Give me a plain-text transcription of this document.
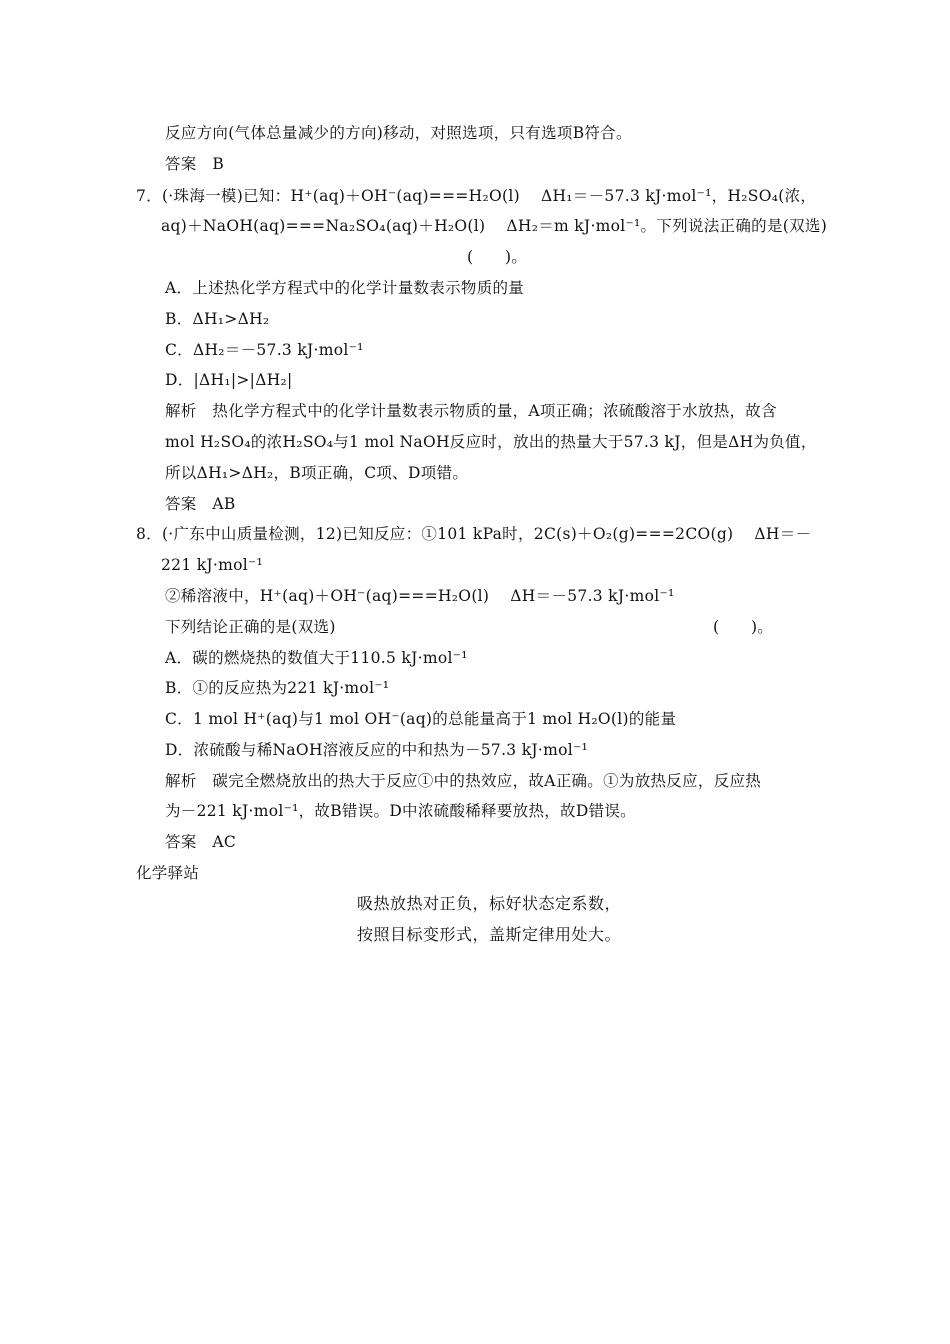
反应方向(气体总量减少的方向)移动，对照选项，只有选项B符合。
答案　B
7．(·珠海一模)已知：H⁺(aq)＋OH⁻(aq)===H₂O(l)　 ΔH₁＝－57.3 kJ·mol⁻¹，H₂SO₄(浓，
aq)＋NaOH(aq)===Na₂SO₄(aq)＋H₂O(l)　 ΔH₂＝m kJ·mol⁻¹。下列说法正确的是(双选)
(　　)。
A．上述热化学方程式中的化学计量数表示物质的量
B．ΔH₁>ΔH₂
C．ΔH₂＝－57.3 kJ·mol⁻¹
D．|ΔH₁|>|ΔH₂|
解析　热化学方程式中的化学计量数表示物质的量，A项正确；浓硫酸溶于水放热，故含
mol H₂SO₄的浓H₂SO₄与1 mol NaOH反应时，放出的热量大于57.3 kJ，但是ΔH为负值，
所以ΔH₁>ΔH₂，B项正确，C项、D项错。
答案　AB
8．(·广东中山质量检测，12)已知反应：①101 kPa时，2C(s)＋O₂(g)===2CO(g)　 ΔH＝－
221 kJ·mol⁻¹
②稀溶液中，H⁺(aq)＋OH⁻(aq)===H₂O(l)　 ΔH＝－57.3 kJ·mol⁻¹
下列结论正确的是(双选)	(　　)。
A．碳的燃烧热的数值大于110.5 kJ·mol⁻¹
B．①的反应热为221 kJ·mol⁻¹
C．1 mol H⁺(aq)与1 mol OH⁻(aq)的总能量高于1 mol H₂O(l)的能量
D．浓硫酸与稀NaOH溶液反应的中和热为－57.3 kJ·mol⁻¹
解析　碳完全燃烧放出的热大于反应①中的热效应，故A正确。①为放热反应，反应热
为－221 kJ·mol⁻¹，故B错误。D中浓硫酸稀释要放热，故D错误。
答案　AC
化学驿站
吸热放热对正负，标好状态定系数，
按照目标变形式，盖斯定律用处大。
